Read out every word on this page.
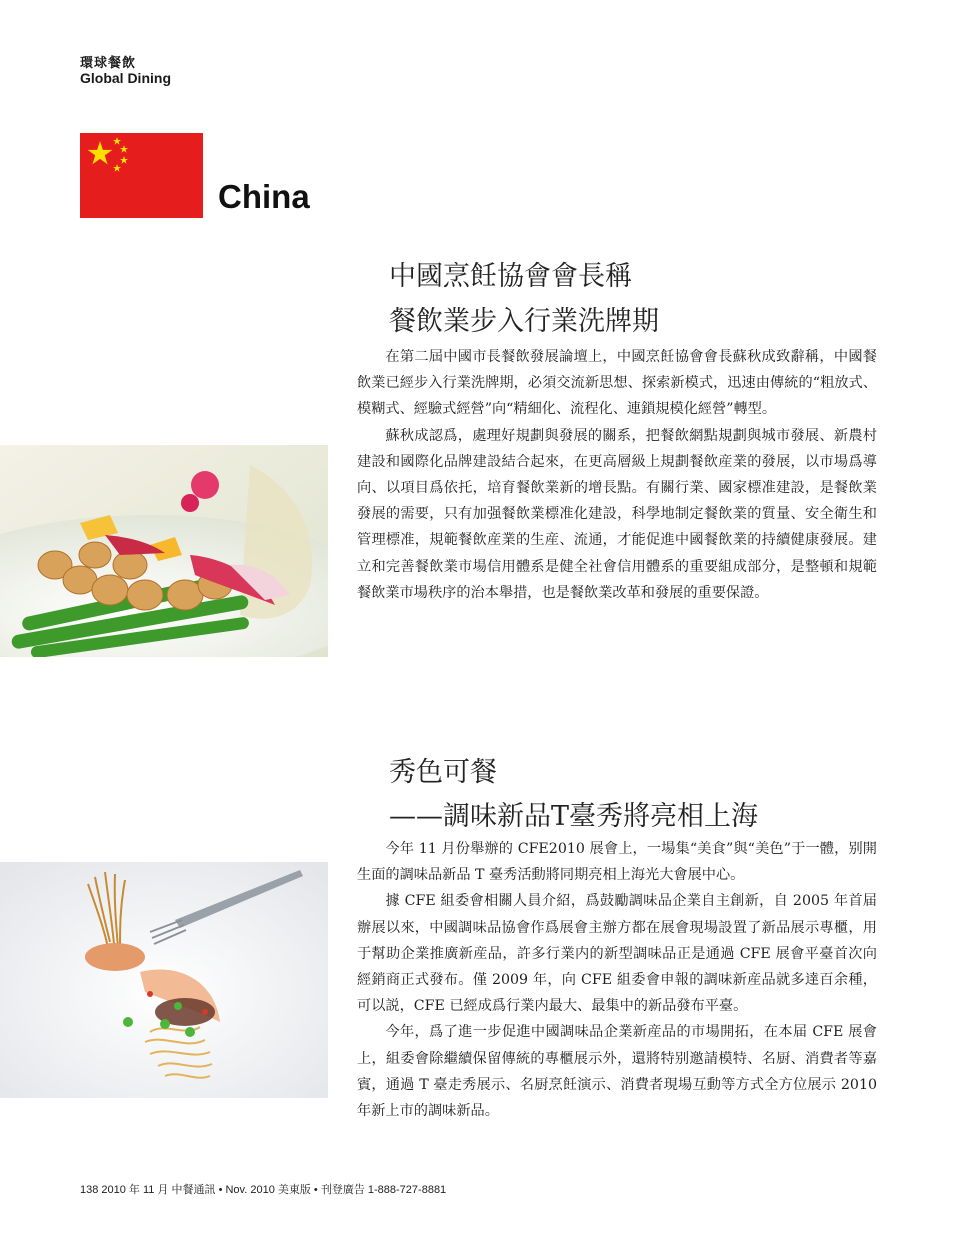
環球餐飲
Global Dining
China
中國烹飪協會會長稱
餐飲業步入行業洗牌期

在第二屆中國市長餐飲發展論壇上，中國烹飪協會會長蘇秋成致辭稱，中國餐飲業已經步入行業洗牌期，必須交流新思想、探索新模式，迅速由傳統的“粗放式、模糊式、經驗式經營”向“精細化、流程化、連鎖規模化經營”轉型。

蘇秋成認爲，處理好規劃與發展的關系，把餐飲網點規劃與城市發展、新農村建設和國際化品牌建設結合起來，在更高層級上規劃餐飲産業的發展，以市場爲導向、以項目爲依托，培育餐飲業新的增長點。有關行業、國家標准建設，是餐飲業發展的需要，只有加强餐飲業標准化建設，科學地制定餐飲業的質量、安全衛生和管理標准，規範餐飲産業的生産、流通，才能促進中國餐飲業的持續健康發展。建立和完善餐飲業市場信用體系是健全社會信用體系的重要組成部分，是整頓和規範餐飲業市場秩序的治本舉措，也是餐飲業改革和發展的重要保證。

秀色可餐
——調味新品T臺秀將亮相上海

今年 11 月份舉辦的 CFE2010 展會上，一場集“美食”與“美色”于一體，别開生面的調味品新品 T 臺秀活動將同期亮相上海光大會展中心。

據 CFE 組委會相關人員介紹，爲鼓勵調味品企業自主創新，自 2005 年首届辦展以來，中國調味品協會作爲展會主辦方都在展會現場設置了新品展示專櫃，用于幫助企業推廣新産品，許多行業内的新型調味品正是通過 CFE 展會平臺首次向經銷商正式發布。僅 2009 年，向 CFE 組委會申報的調味新産品就多達百余種，可以説，CFE 已經成爲行業内最大、最集中的新品發布平臺。

今年，爲了進一步促進中國調味品企業新産品的市場開拓，在本届 CFE 展會上，組委會除繼續保留傳統的專櫃展示外，還將特别邀請模特、名厨、消費者等嘉賓，通過 T 臺走秀展示、名厨烹飪演示、消費者現場互動等方式全方位展示 2010 年新上市的調味新品。

138 2010 年 11 月 中餐通訊 • Nov. 2010 美東版 • 刊登廣告 1-888-727-8881
